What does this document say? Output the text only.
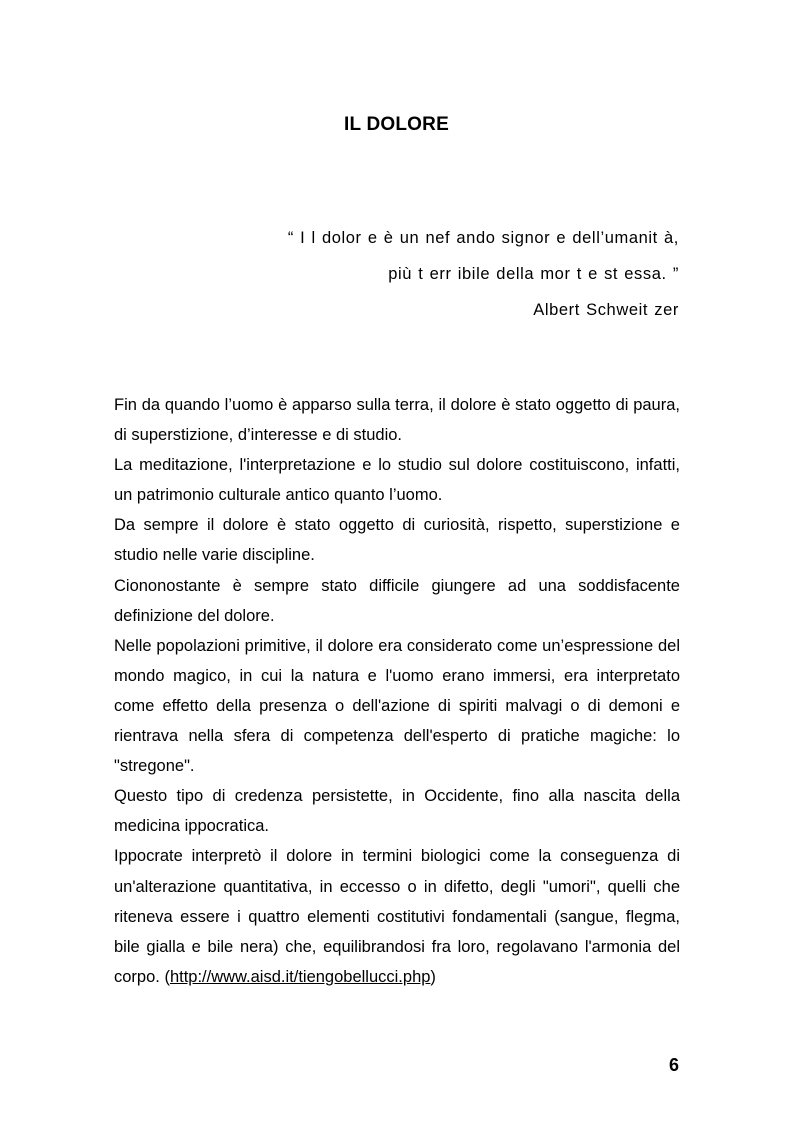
IL DOLORE
“ I l dolor e è un nef ando signor e dell’umanit à,
più t err ibile della mor t e st essa. ”
Albert Schweit zer

Fin da quando l’uomo è apparso sulla terra, il dolore è stato oggetto di paura, di superstizione, d’interesse e di studio.

La meditazione, l'interpretazione e lo studio sul dolore costituiscono, infatti, un patrimonio culturale antico quanto l’uomo.

Da sempre il dolore è stato oggetto di curiosità, rispetto, superstizione e studio nelle varie discipline.

Ciononostante è sempre stato difficile giungere ad una soddisfacente definizione del dolore.

Nelle popolazioni primitive, il dolore era considerato come un’espressione del mondo magico, in cui la natura e l'uomo erano immersi, era interpretato come effetto della presenza o dell'azione di spiriti malvagi o di demoni e rientrava nella sfera di competenza dell'esperto di pratiche magiche: lo "stregone".

Questo tipo di credenza persistette, in Occidente, fino alla nascita della medicina ippocratica.

Ippocrate interpretò il dolore in termini biologici come la conseguenza di un'alterazione quantitativa, in eccesso o in difetto, degli "umori", quelli che riteneva essere i quattro elementi costitutivi fondamentali (sangue, flegma, bile gialla e bile nera) che, equilibrandosi fra loro, regolavano l'armonia del corpo. (http://www.aisd.it/tiengobellucci.php)

6
